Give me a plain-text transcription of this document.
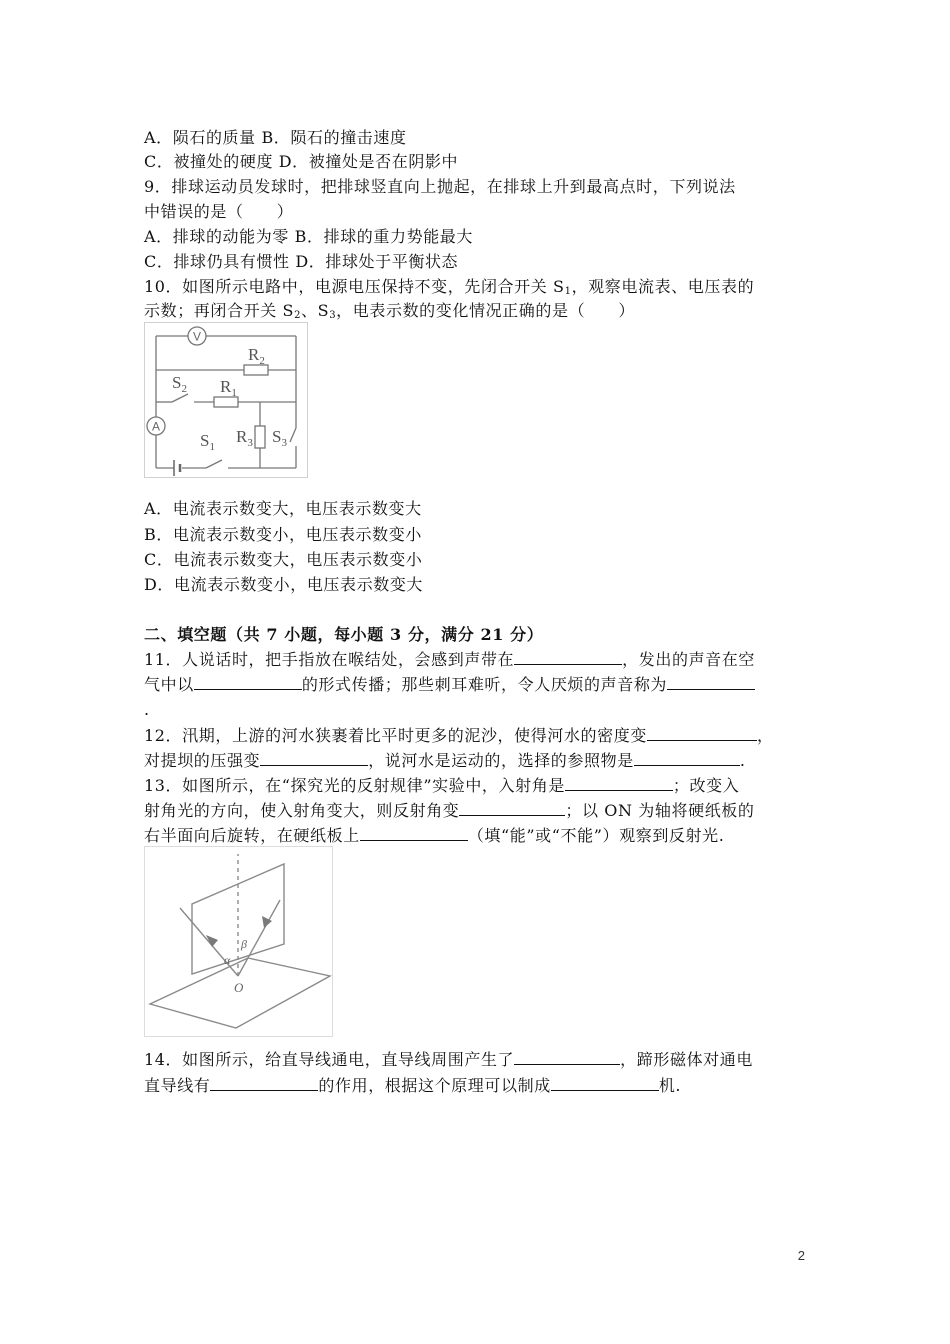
A．陨石的质量 B．陨石的撞击速度
C．被撞处的硬度 D．被撞处是否在阴影中
9．排球运动员发球时，把排球竖直向上抛起，在排球上升到最高点时，下列说法
中错误的是（　　）
A．排球的动能为零 B．排球的重力势能最大
C．排球仍具有惯性 D．排球处于平衡状态
10．如图所示电路中，电源电压保持不变，先闭合开关 $S_1$，观察电流表、电压表的
示数；再闭合开关 $S_2$、$S_3$，电表示数的变化情况正确的是（　　）
V
A
$R_2$
$S_2$ $R_1$
$R_3$ $S_3$
$S_1$
A．电流表示数变大，电压表示数变大
B．电流表示数变小，电压表示数变小
C．电流表示数变大，电压表示数变小
D．电流表示数变小，电压表示数变大
二、填空题（共 7 小题，每小题 3 分，满分 21 分）
11．人说话时，把手指放在喉结处，会感到声带在	，发出的声音在空
气中以	的形式传播；那些刺耳难听，令人厌烦的声音称为
.
12．汛期，上游的河水狭裹着比平时更多的泥沙，使得河水的密度变	，
对提坝的压强变	，说河水是运动的，选择的参照物是	.
13．如图所示，在“探究光的反射规律”实验中，入射角是	；改变入
射角光的方向，使入射角变大，则反射角变	；以 ON 为轴将硬纸板的
右半面向后旋转，在硬纸板上	（填“能”或“不能”）观察到反射光.
α
β
O
14．如图所示，给直导线通电，直导线周围产生了	，蹄形磁体对通电
直导线有	的作用，根据这个原理可以制成	机.
2
